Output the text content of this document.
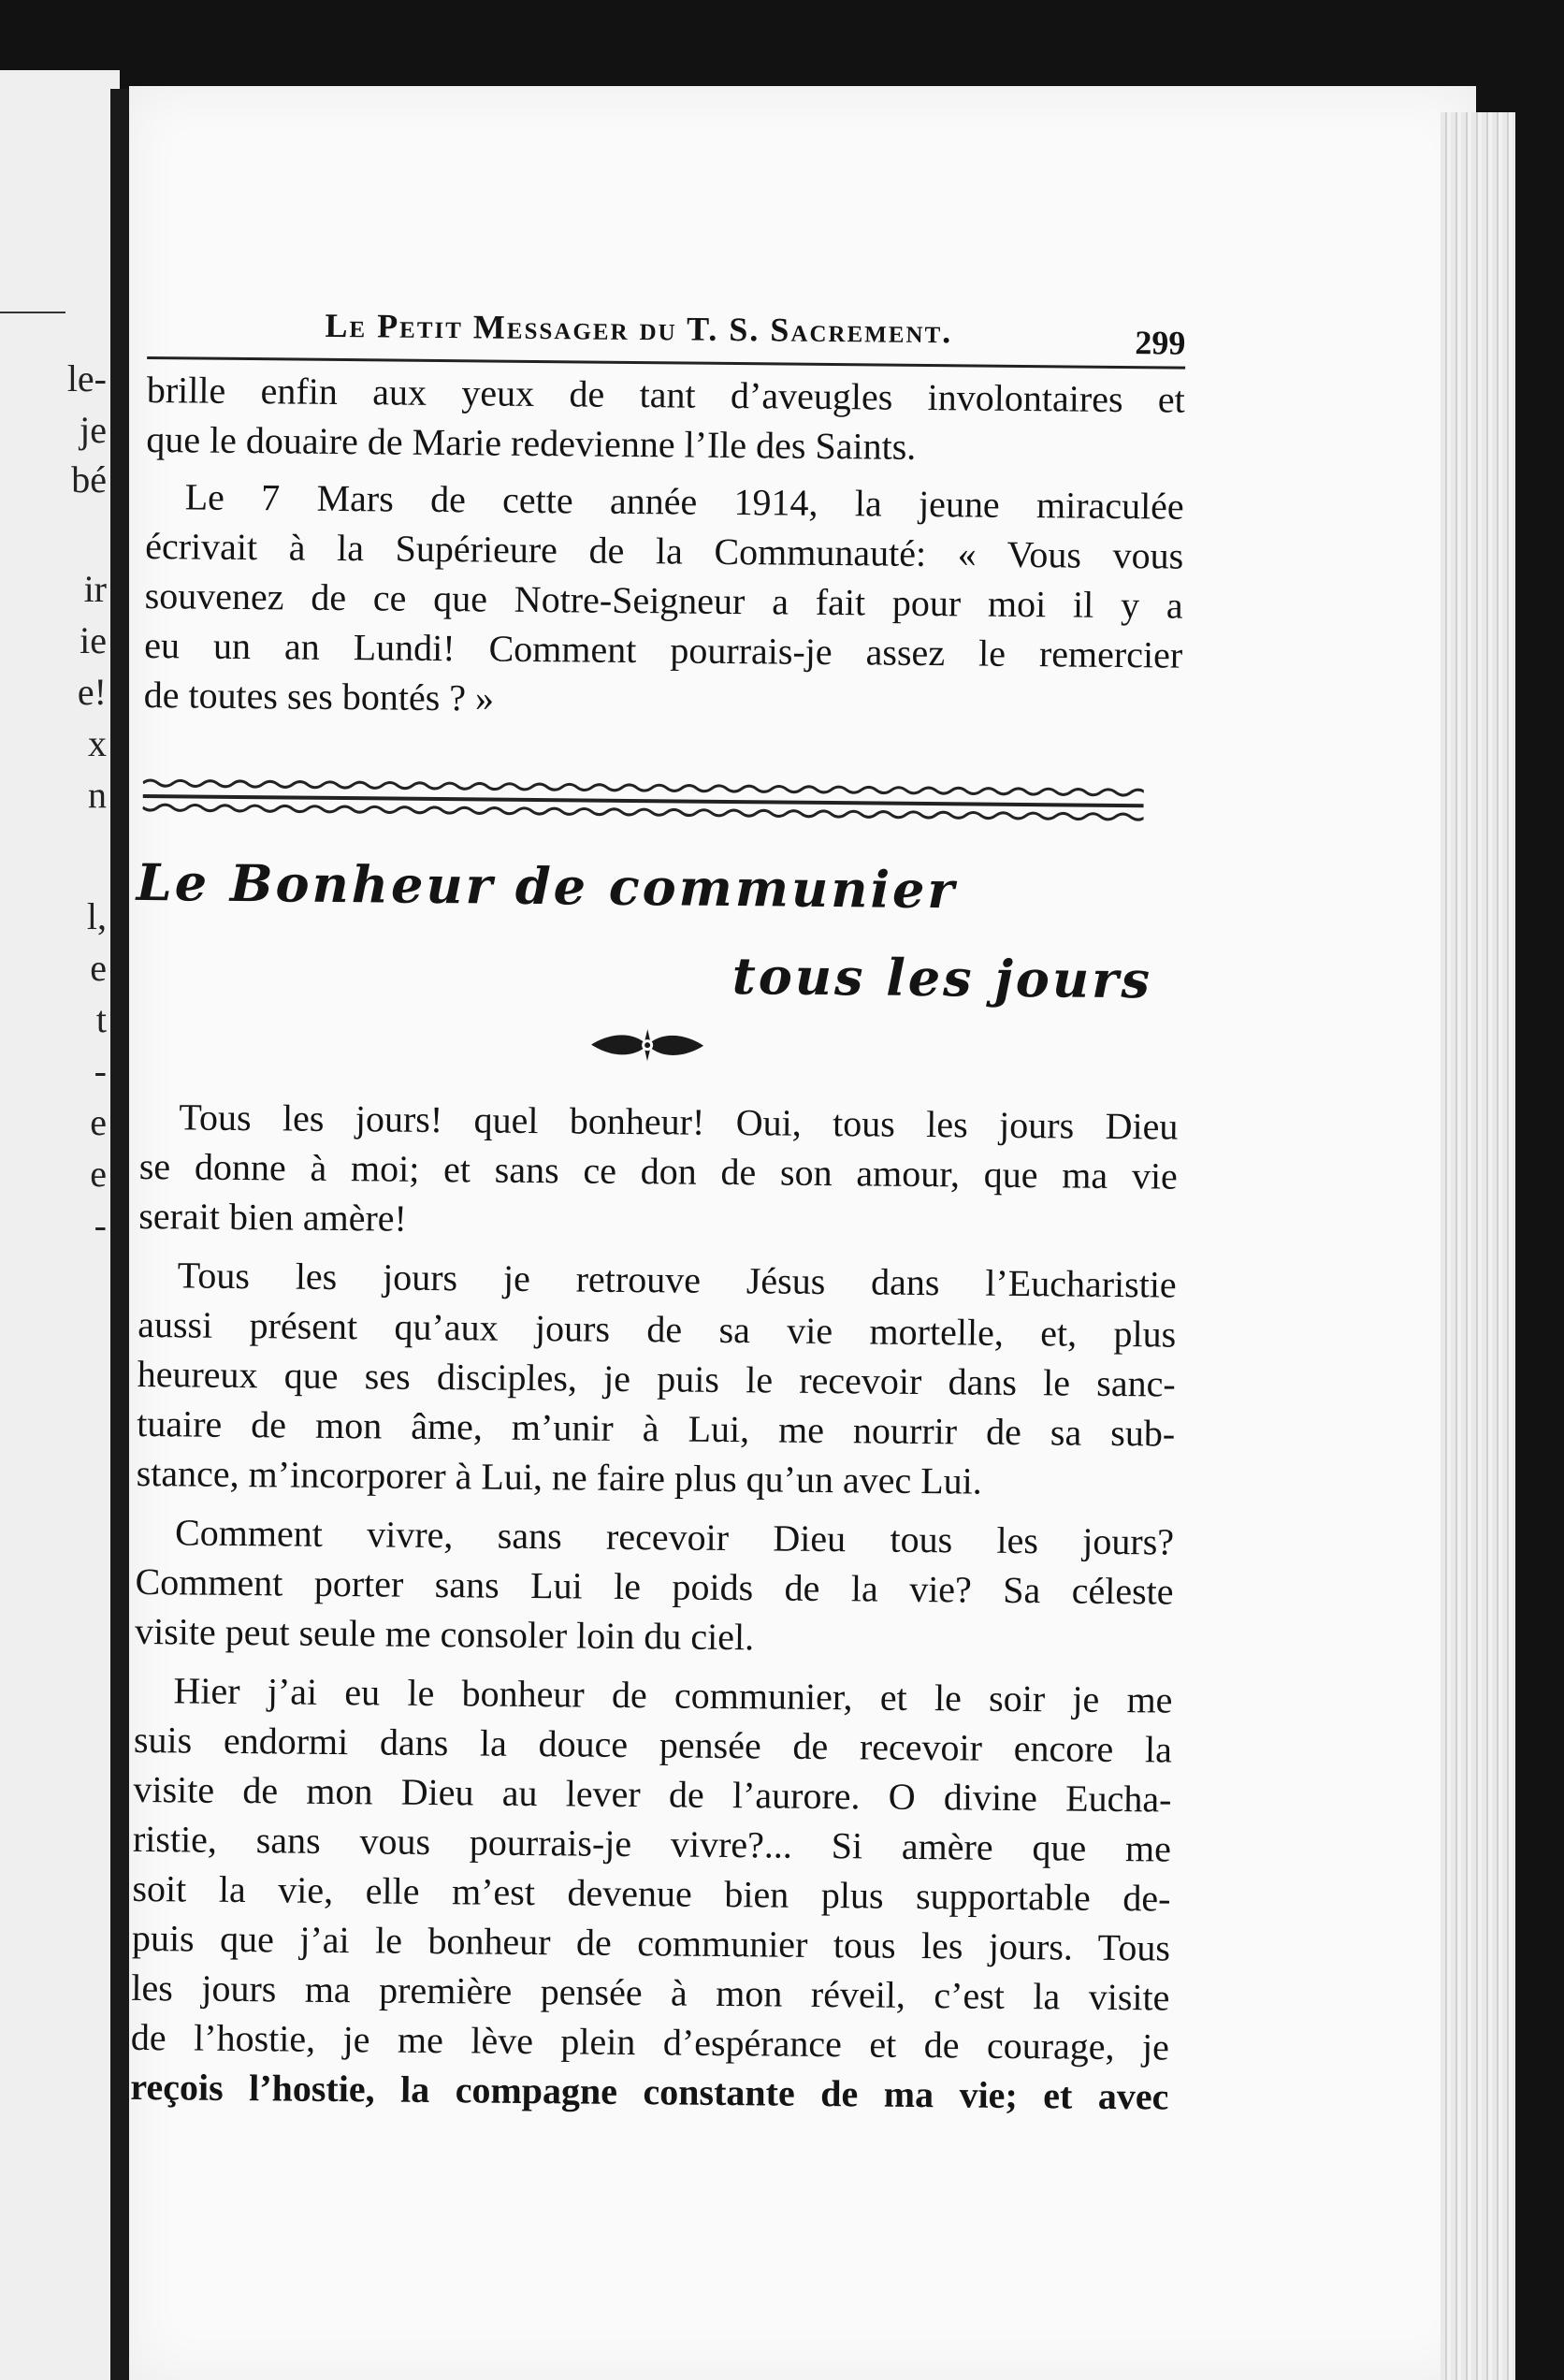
le-
je
bé
ir
ie
e!
x
n
l,
e
t
-
e
e
-
Le Petit Messager du T. S. Sacrement.	299

brille enfin aux yeux de tant d’aveugles involontaires et
que le douaire de Marie redevienne l’Ile des Saints.

Le 7 Mars de cette année 1914, la jeune miraculée
écrivait à la Supérieure de la Communauté: « Vous vous
souvenez de ce que Notre-Seigneur a fait pour moi il y a
eu un an Lundi! Comment pourrais-je assez le remercier
de toutes ses bontés ? »

Le Bonheur de communier
tous les jours

Tous les jours! quel bonheur! Oui, tous les jours Dieu
se donne à moi; et sans ce don de son amour, que ma vie
serait bien amère!

Tous les jours je retrouve Jésus dans l’Eucharistie
aussi présent qu’aux jours de sa vie mortelle, et, plus
heureux que ses disciples, je puis le recevoir dans le sanc-
tuaire de mon âme, m’unir à Lui, me nourrir de sa sub-
stance, m’incorporer à Lui, ne faire plus qu’un avec Lui.

Comment vivre, sans recevoir Dieu tous les jours?
Comment porter sans Lui le poids de la vie? Sa céleste
visite peut seule me consoler loin du ciel.

Hier j’ai eu le bonheur de communier, et le soir je me
suis endormi dans la douce pensée de recevoir encore la
visite de mon Dieu au lever de l’aurore. O divine Eucha-
ristie, sans vous pourrais-je vivre?... Si amère que me
soit la vie, elle m’est devenue bien plus supportable de-
puis que j’ai le bonheur de communier tous les jours. Tous
les jours ma première pensée à mon réveil, c’est la visite
de l’hostie, je me lève plein d’espérance et de courage, je
reçois l’hostie, la compagne constante de ma vie; et avec
